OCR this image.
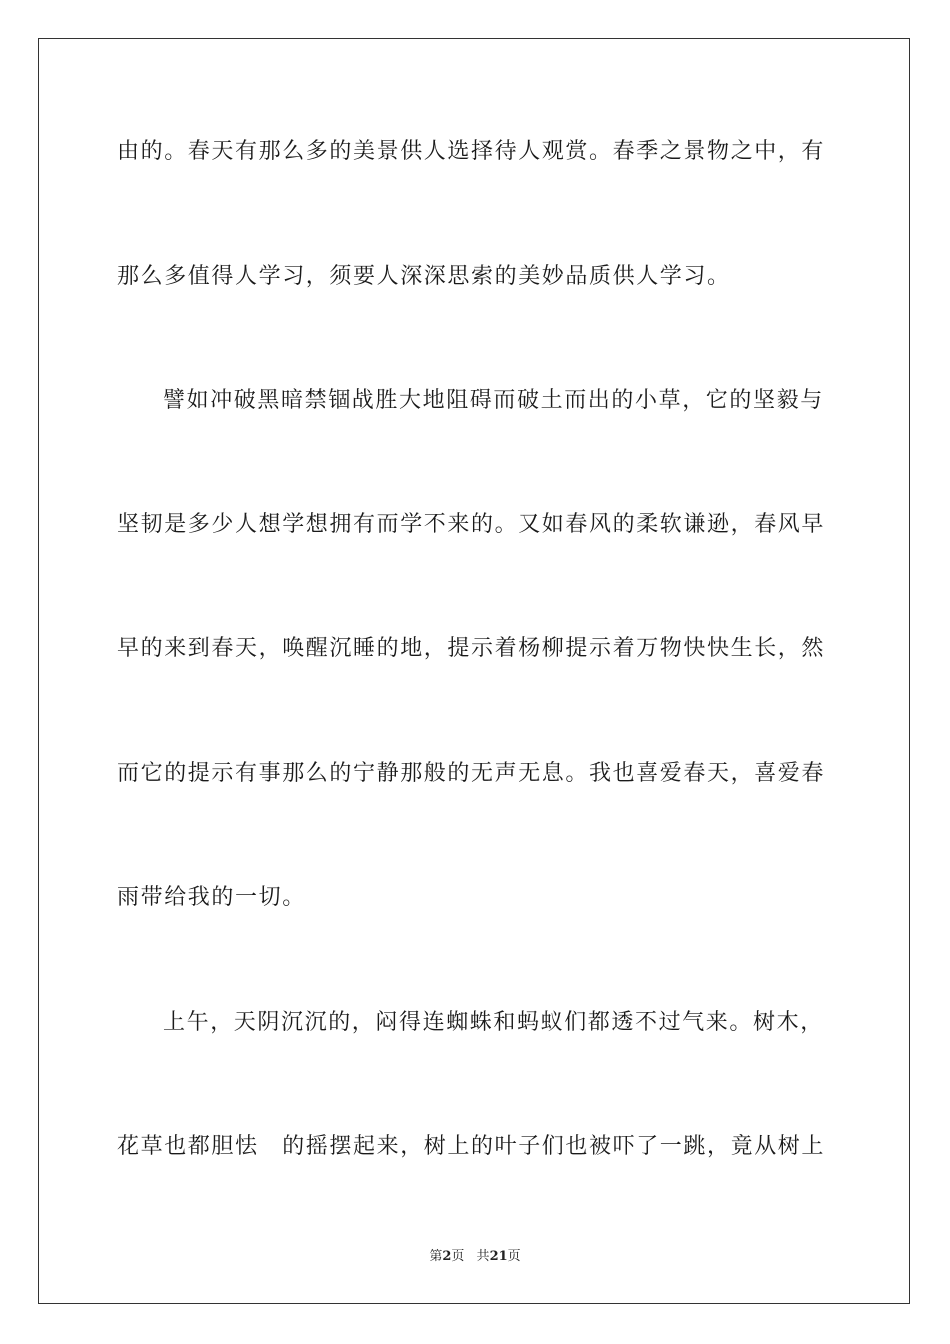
由的。春天有那么多的美景供人选择待人观赏。春季之景物之中，有
那么多值得人学习，须要人深深思索的美妙品质供人学习。
譬如冲破黑暗禁锢战胜大地阻碍而破土而出的小草，它的坚毅与
坚韧是多少人想学想拥有而学不来的。又如春风的柔软谦逊，春风早
早的来到春天，唤醒沉睡的地，提示着杨柳提示着万物快快生长，然
而它的提示有事那么的宁静那般的无声无息。我也喜爱春天，喜爱春
雨带给我的一切。
上午，天阴沉沉的，闷得连蜘蛛和蚂蚁们都透不过气来。树木，
花草也都胆怯　的摇摆起来，树上的叶子们也被吓了一跳，竟从树上
第2页 共21页
